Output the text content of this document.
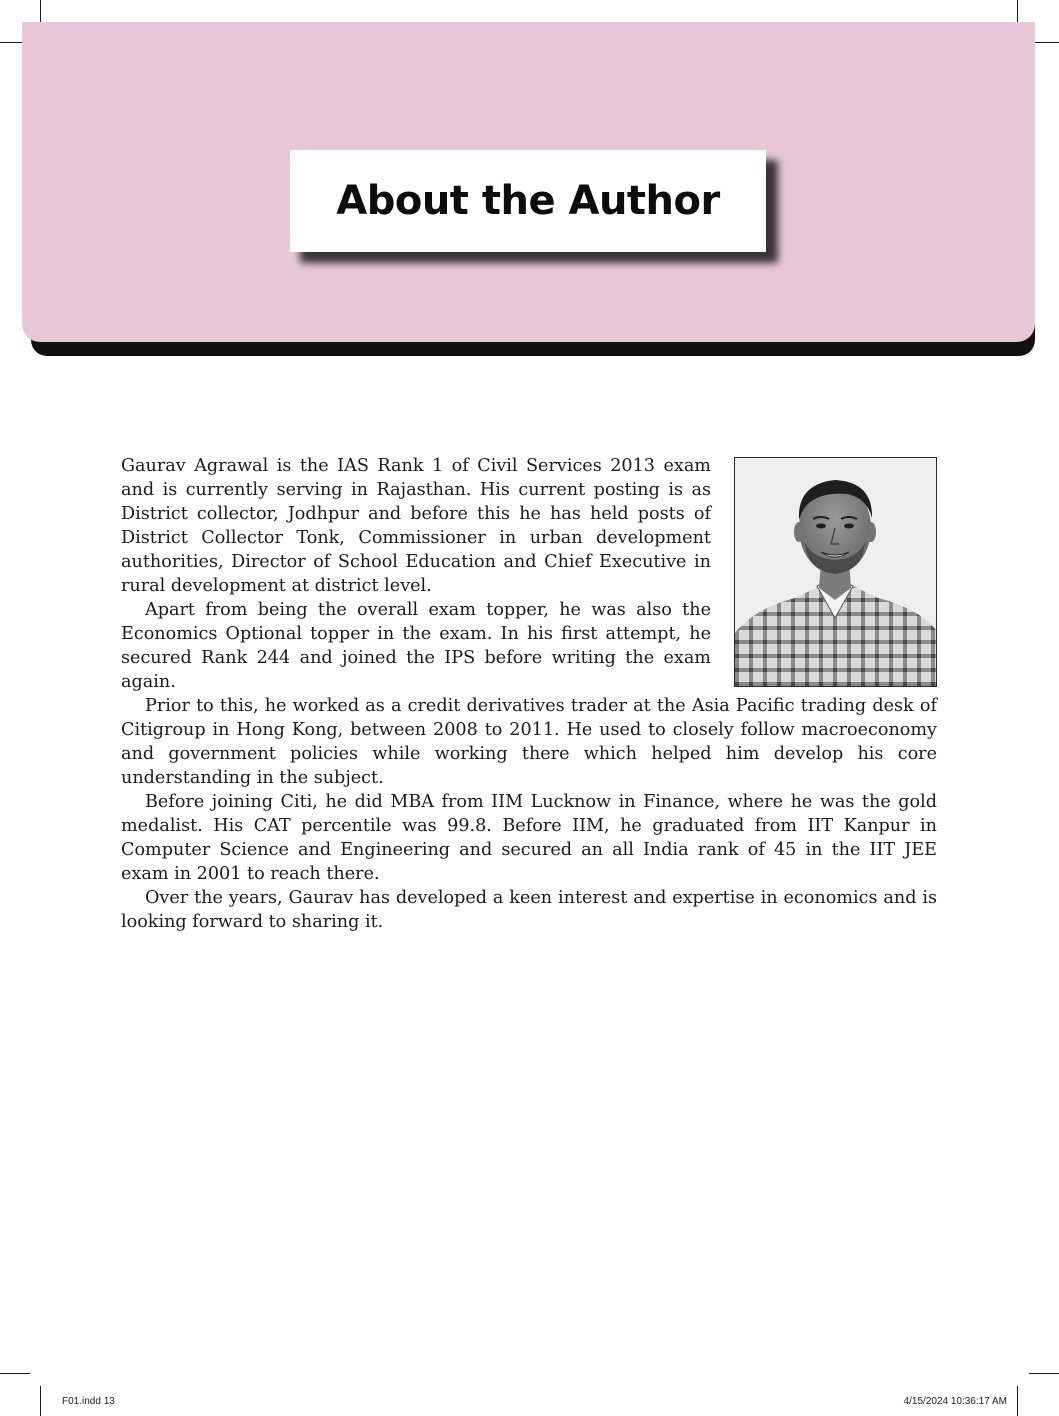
About the Author

Gaurav Agrawal is the IAS Rank 1 of Civil Services 2013 exam and is currently serving in Rajasthan. His current posting is as District collector, Jodhpur and before this he has held posts of District Collector Tonk, Commissioner in urban development authorities, Director of School Education and Chief Executive in rural development at district level.

Apart from being the overall exam topper, he was also the Economics Optional topper in the exam. In his first attempt, he secured Rank 244 and joined the IPS before writing the exam again.

Prior to this, he worked as a credit derivatives trader at the Asia Pacific trading desk of Citigroup in Hong Kong, between 2008 to 2011. He used to closely follow macroeconomy and government policies while working there which helped him develop his core understanding in the subject.

Before joining Citi, he did MBA from IIM Lucknow in Finance, where he was the gold medalist. His CAT percentile was 99.8. Before IIM, he graduated from IIT Kanpur in Computer Science and Engineering and secured an all India rank of 45 in the IIT JEE exam in 2001 to reach there.

Over the years, Gaurav has developed a keen interest and expertise in economics and is looking forward to sharing it.

F01.indd 13	4/15/2024 10:36:17 AM
